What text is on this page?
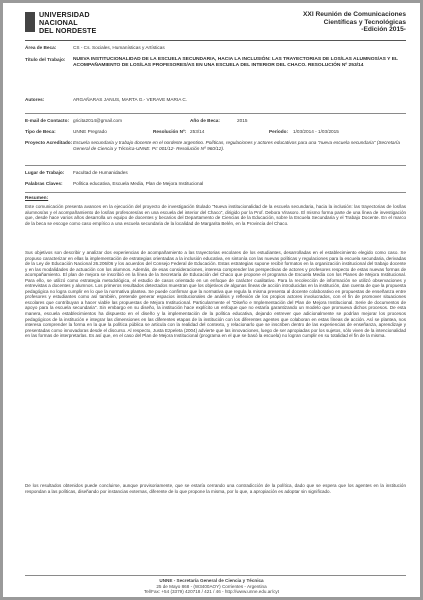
UNIVERSIDAD
NACIONAL
DEL NORDESTE
XXI Reunión de Comunicaciones
Científicas y Tecnológicas
-Edición 2015-
Área de Beca:	CS - Cs. Sociales, Humanísticas y Artísticas
Título del Trabajo: NUEVA INSTITUCIONALIDAD DE LA ESCUELA SECUNDARIA, HACIA LA INCLUSIÓN: LAS TRAYECTORIAS DE LOS/LAS ALUMNOS/AS Y EL ACOMPAÑAMIENTO DE LOS/LAS PROFESORES/AS EN UNA ESCUELA DEL INTERIOR DEL CHACO. RESOLUCIÓN Nº 253/14
Autores:	ARGAÑARAS JANUS, MARTA G.- VERAVE MARIA C.
E-mail de Contacto: gricita2014@gmail.com	Año de Beca:	2015
Tipo de Beca:	UNNE Pregrado	Resolución Nº: 253/14	Período: 1/03/2014 - 1/03/2015
Proyecto Acreditado: Escuela secundaria y trabajo docente en el nordeste argentino. Políticas, regulaciones y actores educativos para una "nueva escuela secundaria" (Secretaría General de Ciencia y Técnica-UNNE. PI: 001/12- Resolución Nº 960/12).
Lugar de Trabajo: Facultad de Humanidades
Palabras Claves: Política educativa, Escuela Media, Plan de Mejora Institucional
Resumen:

Este comunicación presenta avances en la ejecución del proyecto de investigación titulado "Nueva institucionalidad de la escuela secundaria, hacia la inclusión: las trayectorias de los/las alumnos/as y el acompañamiento de los/las profesores/as en una escuela del interior del Chaco", dirigido por la Prof. Debora Virasoro. El mismo forma parte de una línea de investigación que, desde hace varios años desarrolla un equipo de docentes y becarios del Departamento de Ciencias de la Educación, sobre la Escuela Secundaria y el Trabajo Docente. En el marco de la beca se escoge como caso empírico a una escuela secundaria de la localidad de Margarita Belén, en la Provincia del Chaco.

Sus objetivos son describir y analizar dos experiencias de acompañamiento a las trayectorias escolares de los estudiantes, desarrolladas en el establecimiento elegido como caso. Se propuso caracterizar en ellas la implementación de estrategias orientadas a la inclusión educativa, en sintonía con las nuevas políticas y regulaciones para la escuela secundaria, derivadas de la Ley de Educación Nacional 26.206/06 y los acuerdos del Consejo Federal de Educación. Estas estrategias supone recibir formatos en la organización institucional del trabajo docente y en las modalidades de actuación con los alumnos. Además, de esas consideraciones, interesa comprender las perspectivas de actores y profesores respecto de estas nuevas formas de acompañamiento. El plan de mejora se inscribió en la línea de la Secretaría de Educación del Chaco que propone el programa de Escuela Media con los Planes de Mejora Institucional. Para ello, se utilizó como estrategia metodológica, el estudio de casos orientado en un enfoque de carácter cualitativo. Para la recolección de información se utilizó observaciones y entrevistas a docentes y alumnos. Los primeros resultados detectados muestran que los objetivos de algunas líneas de acción introducidas en la institución, dan cuenta de que la propuesta pedagógica no logra cumplir en lo que la normativa plantea. Se puede confirmar que la normativa que regula la misma presenta al docente colaborativo en propuestas de enseñanza entre profesores y estudiantes como así también, pretende generar espacios institucionales de análisis y reflexión de los propios actores involucrados, con el fin de promover situaciones escolares que contribuyan a hacer viable las propuestas de Mejora Institucional. Particularmente el "Diseño e Implementación del Plan de Mejora Institucional. Serie de documentos de apoyo para la escuela secundaria". Sin embargo en su diseño, la institución hace explícito un enfoque que no estaría garantizando un modelo que promueva dichos procesos. De esta manera, escuela establecimientos ha dispuesto en el diseño y la implementación de la política educativa, dejando entrever que adicionalmente se podrían mejorar los procesos pedagógicos de la institución e integrar las dimensiones en las diferentes etapas de la institución con los diferentes agentes que colaboran en estas líneas de acción. Así se plantea, nos interesa comprender la forma en la que la política pública se articula con la realidad del contexto, y relacionarlo que se inscriben dentro de las experiencias de enseñanza, aprendizaje y presentadas como innovadoras desde el discurso. Al respecto, Justa Ezpeleta (2004) advierte que las innovaciones, luego de ser apropiadas por los sujetos, sólo viven de la intencionalidad en las formas de interpretarlas. Es así que, en el caso del Plan de Mejora Institucional (programa en el que se basó la escuela) no logran cumplir en su totalidad el fin de la misma.

De los resultados obtenidos puede concluirse, aunque provisoriamente, que se estaría cerrando una contradicción de la política, dado que se espera que los agentes en la institución respondan a las políticas, diseñando por instancias externas, diferente de lo que propone la misma, por lo que, a apropiación es adoptar sin significado.

UNNE - Secretaría General de Ciencia y Técnica
25 de Mayo 868 - (W3400AOY) Corrientes - Argentina
Tel/Fax: +54 (3379) 420718 / 421 / 46 - http://www.unne.edu.ar/cyt
